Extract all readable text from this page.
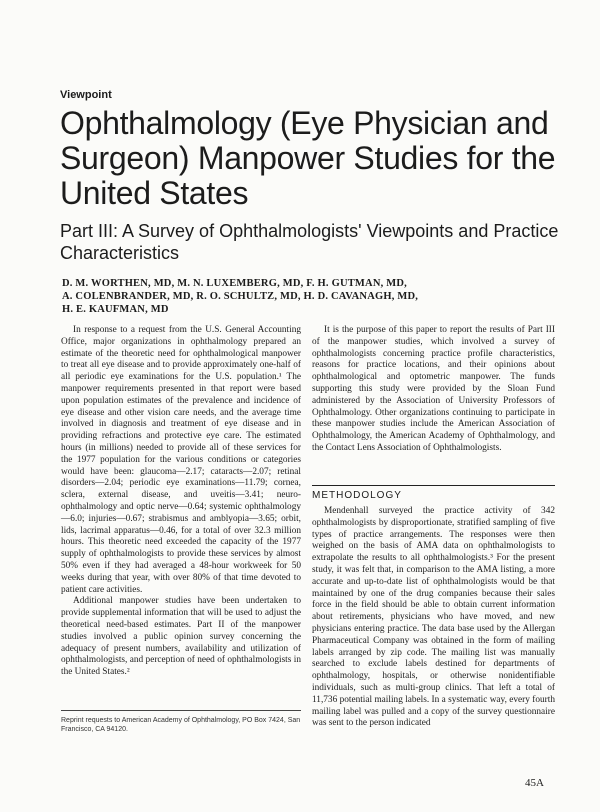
Viewpoint
Ophthalmology (Eye Physician and Surgeon) Manpower Studies for the United States
Part III: A Survey of Ophthalmologists' Viewpoints and Practice Characteristics
D. M. WORTHEN, MD, M. N. LUXEMBERG, MD, F. H. GUTMAN, MD,
A. COLENBRANDER, MD, R. O. SCHULTZ, MD, H. D. CAVANAGH, MD,
H. E. KAUFMAN, MD

In response to a request from the U.S. General Accounting Office, major organizations in ophthalmology prepared an estimate of the theoretic need for ophthalmological manpower to treat all eye disease and to provide approximately one-half of all periodic eye examinations for the U.S. population.¹ The manpower requirements presented in that report were based upon population estimates of the prevalence and incidence of eye disease and other vision care needs, and the average time involved in diagnosis and treatment of eye disease and in providing refractions and protective eye care. The estimated hours (in millions) needed to provide all of these services for the 1977 population for the various conditions or categories would have been: glaucoma—2.17; cataracts—2.07; retinal disorders—2.04; periodic eye examinations—11.79; cornea, sclera, external disease, and uveitis—3.41; neuro-ophthalmology and optic nerve—0.64; systemic ophthalmology—6.0; injuries—0.67; strabismus and amblyopia—3.65; orbit, lids, lacrimal apparatus—0.46, for a total of over 32.3 million hours. This theoretic need exceeded the capacity of the 1977 supply of ophthalmologists to provide these services by almost 50% even if they had averaged a 48-hour workweek for 50 weeks during that year, with over 80% of that time devoted to patient care activities.

Additional manpower studies have been undertaken to provide supplemental information that will be used to adjust the theoretical need-based estimates. Part II of the manpower studies involved a public opinion survey concerning the adequacy of present numbers, availability and utilization of ophthalmologists, and perception of need of ophthalmologists in the United States.²

It is the purpose of this paper to report the results of Part III of the manpower studies, which involved a survey of ophthalmologists concerning practice profile characteristics, reasons for practice locations, and their opinions about ophthalmological and optometric manpower. The funds supporting this study were provided by the Sloan Fund administered by the Association of University Professors of Ophthalmology. Other organizations continuing to participate in these manpower studies include the American Association of Ophthalmology, the American Academy of Ophthalmology, and the Contact Lens Association of Ophthalmologists.

METHODOLOGY

Mendenhall surveyed the practice activity of 342 ophthalmologists by disproportionate, stratified sampling of five types of practice arrangements. The responses were then weighed on the basis of AMA data on ophthalmologists to extrapolate the results to all ophthalmologists.³ For the present study, it was felt that, in comparison to the AMA listing, a more accurate and up-to-date list of ophthalmologists would be that maintained by one of the drug companies because their sales force in the field should be able to obtain current information about retirements, physicians who have moved, and new physicians entering practice. The data base used by the Allergan Pharmaceutical Company was obtained in the form of mailing labels arranged by zip code. The mailing list was manually searched to exclude labels destined for departments of ophthalmology, hospitals, or otherwise nonidentifiable individuals, such as multi-group clinics. That left a total of 11,736 potential mailing labels. In a systematic way, every fourth mailing label was pulled and a copy of the survey questionnaire was sent to the person indicated

Reprint requests to American Academy of Ophthalmology, PO Box 7424, San Francisco, CA 94120.
45A
